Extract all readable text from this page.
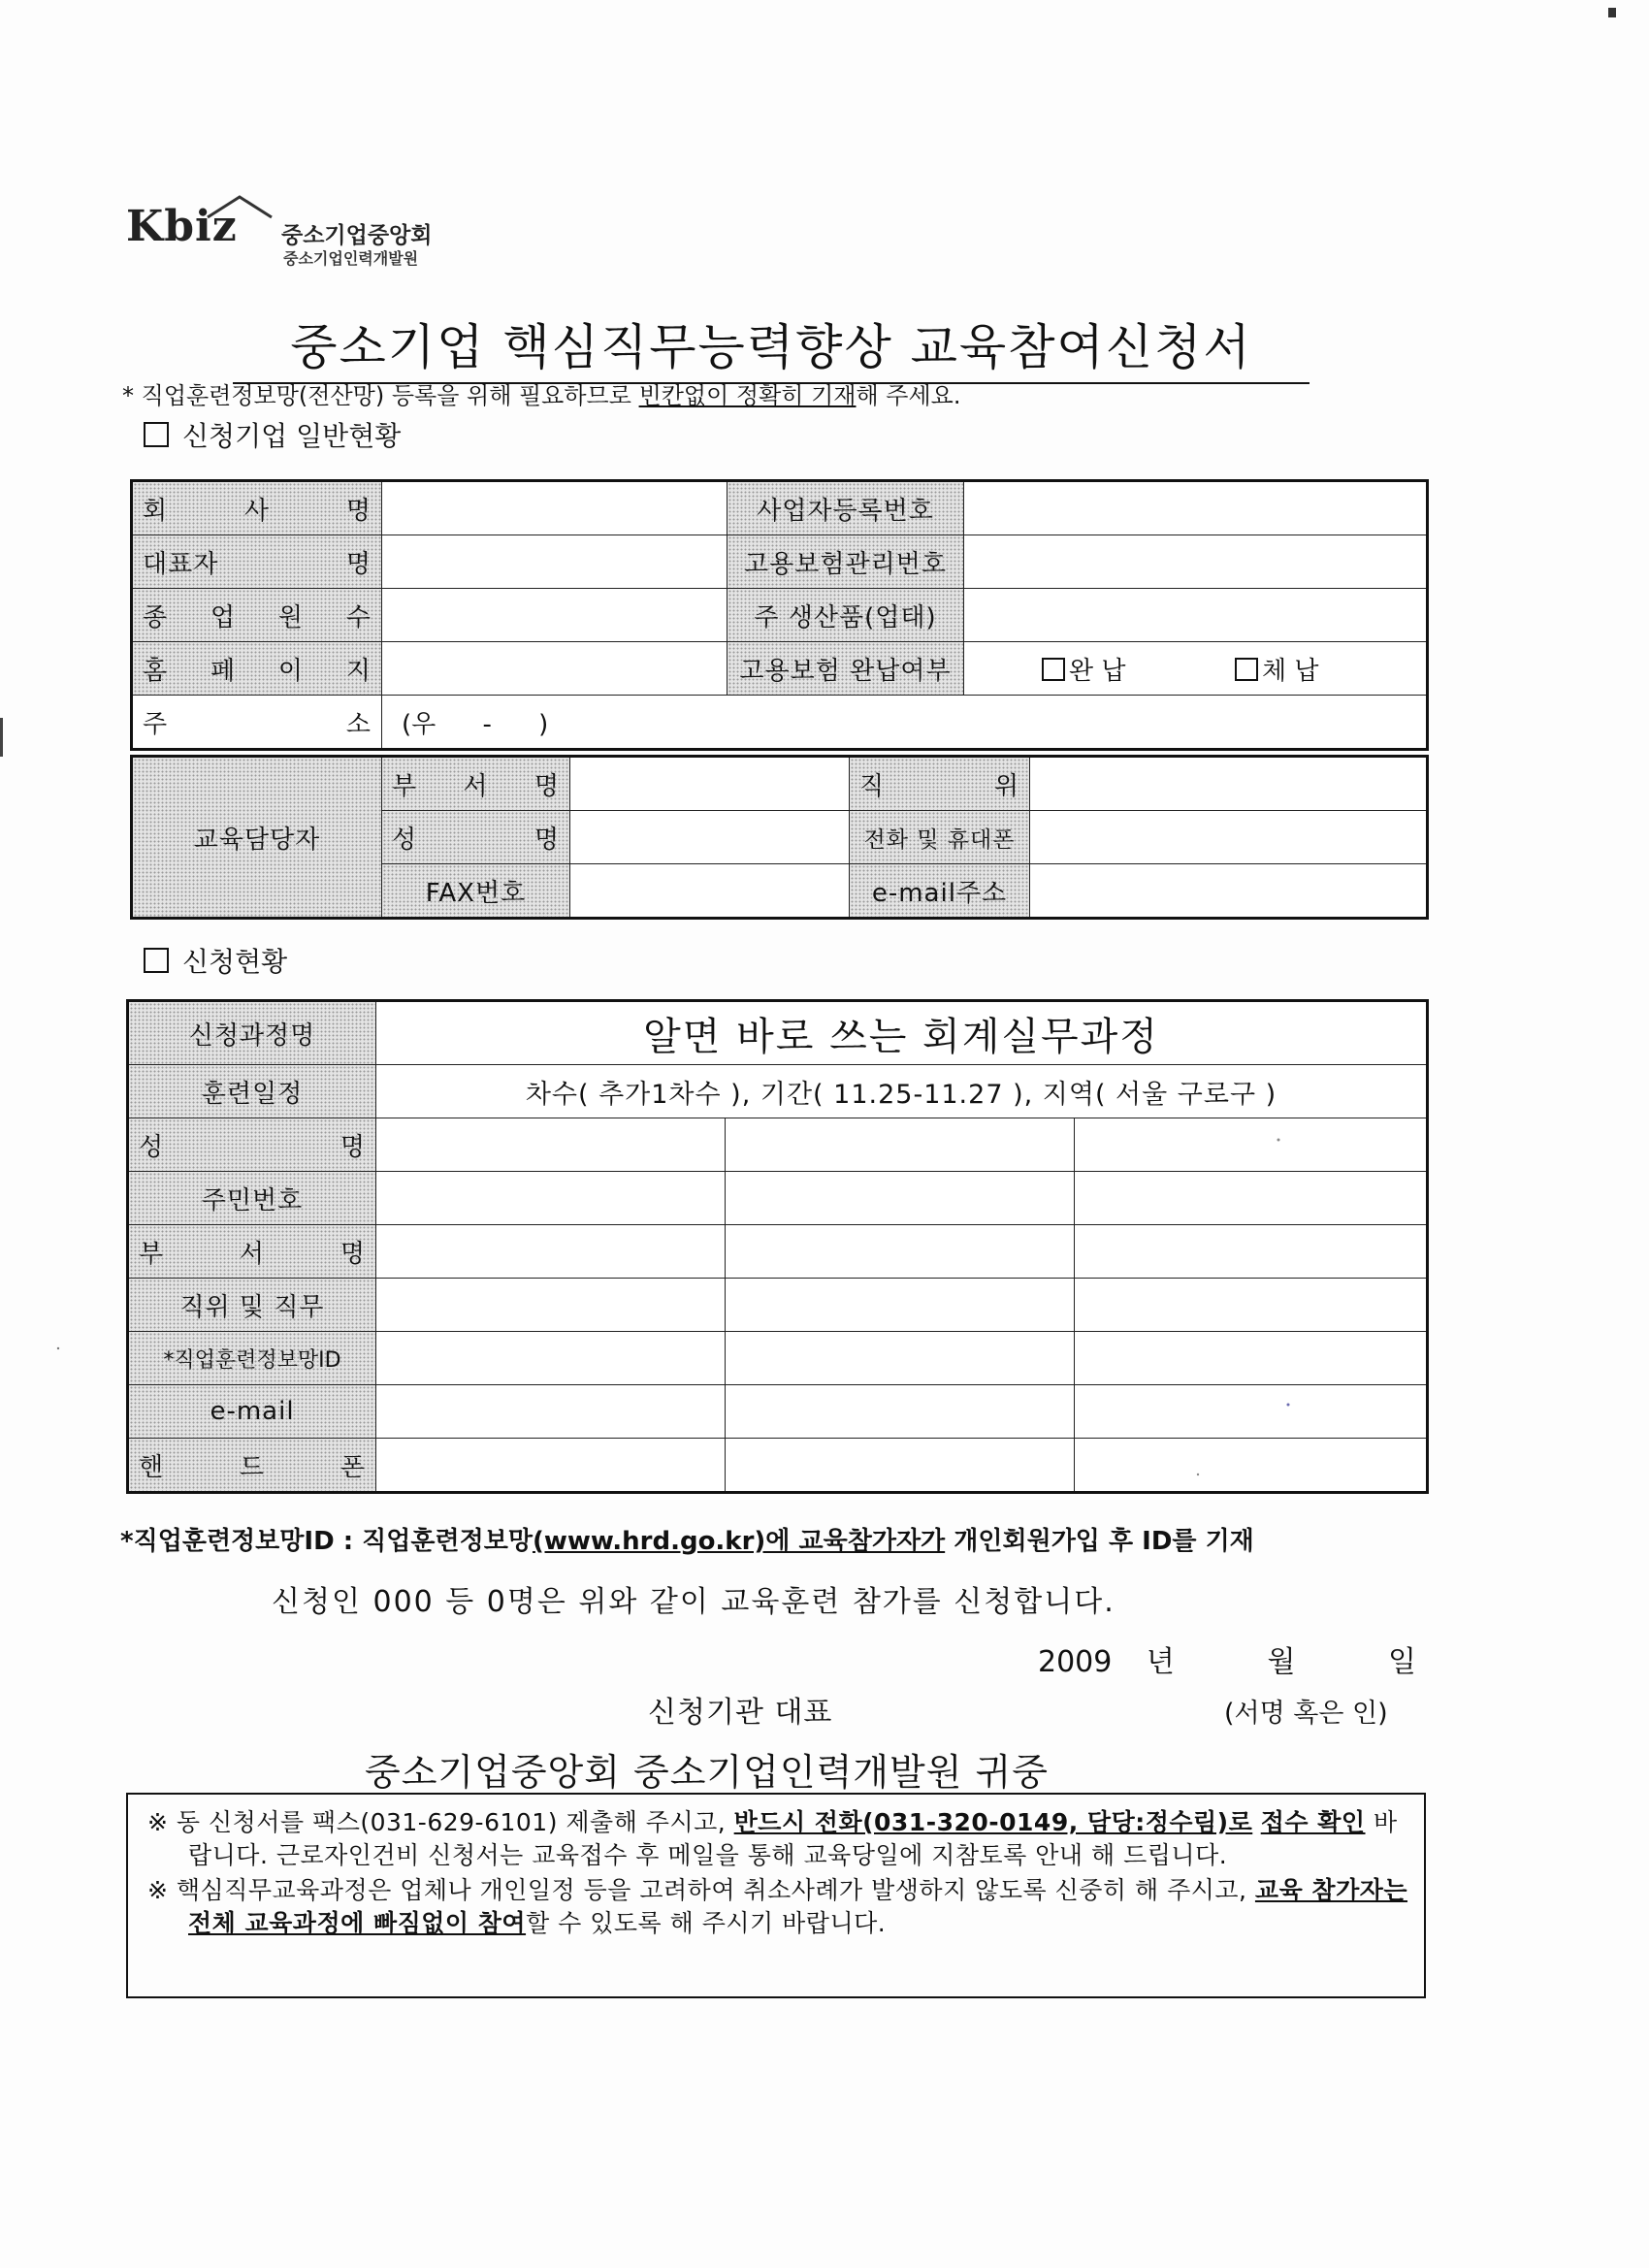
Kbiz 중소기업중앙회
중소기업인력개발원
중소기업 핵심직무능력향상 교육참여신청서
* 직업훈련정보망(전산망) 등록을 위해 필요하므로 빈칸없이 정확히 기재해 주세요.
신청기업 일반현황
회 사 명		사업자등록번호	
대표자 명		고용보험관리번호	
종 업 원 수		주 생산품(업태)	
홈 페 이 지		고용보험 완납여부	완 납 체 납
주 소	(우 - )		
교육담당자	부 서 명		직 위	
	성 명		전화 및 휴대폰	
	FAX번호		e-mail주소	
신청현황
신청과정명	알면 바로 쓰는 회계실무과정		
훈련일정	차수( 추가1차수 ), 기간( 11.25-11.27 ), 지역( 서울 구로구 )		
성 명			
주민번호			
부 서 명			
직위 및 직무			
*직업훈련정보망ID			
e-mail			
핸 드 폰			
*직업훈련정보망ID : 직업훈련정보망(www.hrd.go.kr)에 교육참가자가 개인회원가입 후 ID를 기재
신청인 000 등 0명은 위와 같이 교육훈련 참가를 신청합니다.
2009 년	월	일
신청기관 대표	(서명 혹은 인)
중소기업중앙회 중소기업인력개발원 귀중

※ 동 신청서를 팩스(031-629-6101) 제출해 주시고, 반드시 전화(031-320-0149, 담당:정수림)로 접수 확인 바랍니다. 근로자인건비 신청서는 교육접수 후 메일을 통해 교육당일에 지참토록 안내 해 드립니다.

※ 핵심직무교육과정은 업체나 개인일정 등을 고려하여 취소사례가 발생하지 않도록 신중히 해 주시고, 교육 참가자는 전체 교육과정에 빠짐없이 참여할 수 있도록 해 주시기 바랍니다.
